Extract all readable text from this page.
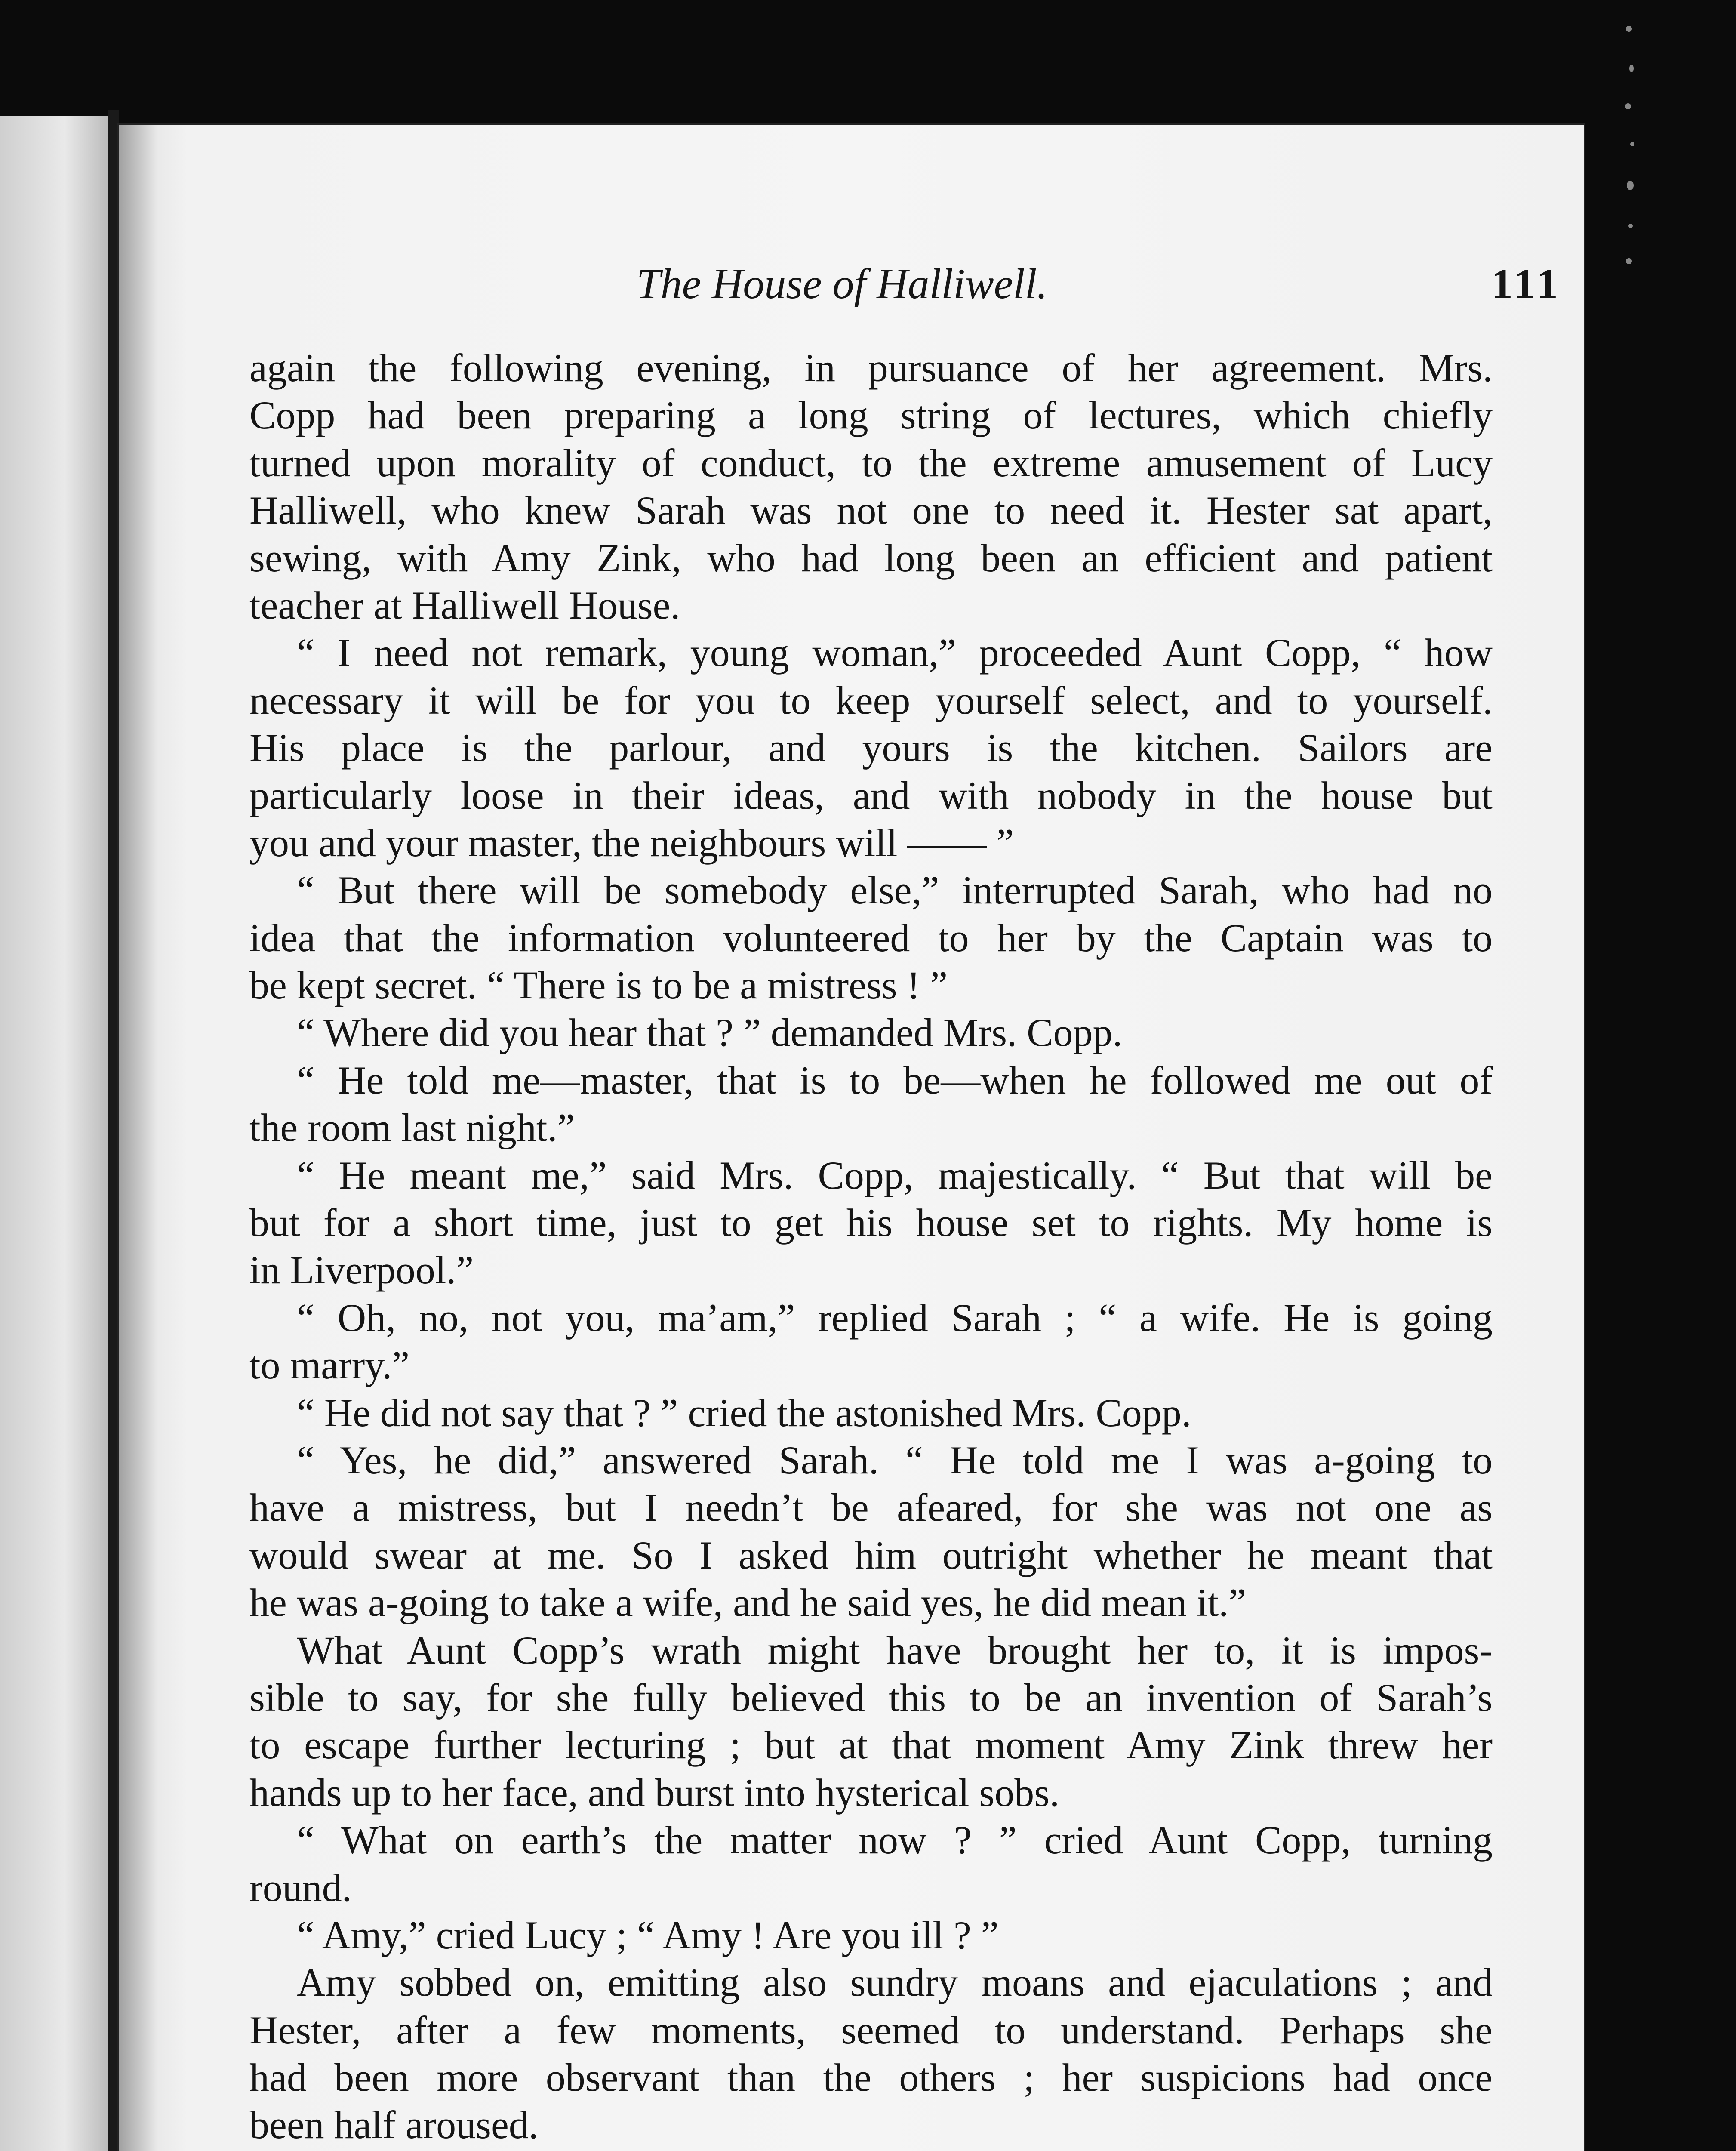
The House of Halliwell.	111
again the following evening, in pursuance of her agreement. Mrs.
Copp had been preparing a long string of lectures, which chiefly
turned upon morality of conduct, to the extreme amusement of Lucy
Halliwell, who knew Sarah was not one to need it. Hester sat apart,
sewing, with Amy Zink, who had long been an efficient and patient
teacher at Halliwell House.
“ I need not remark, young woman,” proceeded Aunt Copp, “ how
necessary it will be for you to keep yourself select, and to yourself.
His place is the parlour, and yours is the kitchen. Sailors are
particularly loose in their ideas, and with nobody in the house but
you and your master, the neighbours will —— ”
“ But there will be somebody else,” interrupted Sarah, who had no
idea that the information volunteered to her by the Captain was to
be kept secret. “ There is to be a mistress ! ”
“ Where did you hear that ? ” demanded Mrs. Copp.
“ He told me—master, that is to be—when he followed me out of
the room last night.”
“ He meant me,” said Mrs. Copp, majestically. “ But that will be
but for a short time, just to get his house set to rights. My home is
in Liverpool.”
“ Oh, no, not you, ma’am,” replied Sarah ; “ a wife. He is going
to marry.”
“ He did not say that ? ” cried the astonished Mrs. Copp.
“ Yes, he did,” answered Sarah. “ He told me I was a-going to
have a mistress, but I needn’t be afeared, for she was not one as
would swear at me. So I asked him outright whether he meant that
he was a-going to take a wife, and he said yes, he did mean it.”
What Aunt Copp’s wrath might have brought her to, it is impos-
sible to say, for she fully believed this to be an invention of Sarah’s
to escape further lecturing ; but at that moment Amy Zink threw her
hands up to her face, and burst into hysterical sobs.
“ What on earth’s the matter now ? ” cried Aunt Copp, turning
round.
“ Amy,” cried Lucy ; “ Amy ! Are you ill ? ”
Amy sobbed on, emitting also sundry moans and ejaculations ; and
Hester, after a few moments, seemed to understand. Perhaps she
had been more observant than the others ; her suspicions had once
been half aroused.
